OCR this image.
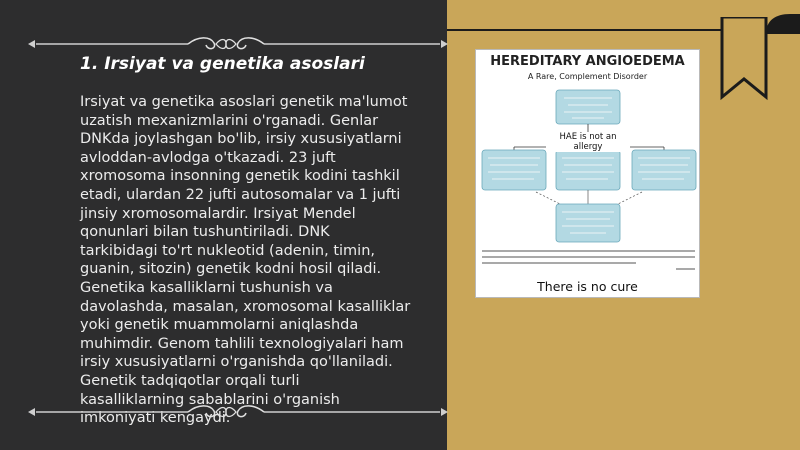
1. Irsiyat va genetika asoslari

Irsiyat va genetika asoslari genetik ma'lumot
uzatish mexanizmlarini o'rganadi. Genlar
DNKda joylashgan bo'lib, irsiy xususiyatlarni
avloddan-avlodga o'tkazadi. 23 juft
xromosoma insonning genetik kodini tashkil
etadi, ulardan 22 jufti autosomalar va 1 jufti
jinsiy xromosomalardir. Irsiyat Mendel
qonunlari bilan tushuntiriladi. DNK
tarkibidagi to'rt nukleotid (adenin, timin,
guanin, sitozin) genetik kodni hosil qiladi.
Genetika kasalliklarni tushunish va
davolashda, masalan, xromosomal kasalliklar
yoki genetik muammolarni aniqlashda
muhimdir. Genom tahlili texnologiyalari ham
irsiy xususiyatlarni o'rganishda qo'llaniladi.
Genetik tadqiqotlar orqali turli
kasalliklarning sabablarini o'rganish
imkoniyati kengaydi.

HEREDITARY ANGIOEDEMA
A Rare, Complement Disorder
HAE is not an allergy
There is no cure
